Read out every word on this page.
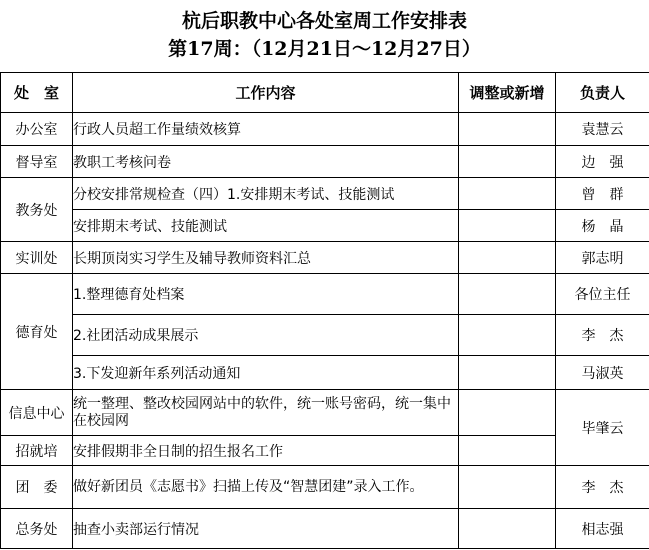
杭后职教中心各处室周工作安排表
第17周：（12月21日～12月27日）
处　室	工作内容	调整或新增	负责人
办公室	行政人员超工作量绩效核算		袁慧云
督导室	教职工考核问卷		边　强
教务处	分校安排常规检查（四）1.安排期末考试、技能测试		曾　群
	安排期末考试、技能测试		杨　晶
实训处	长期顶岗实习学生及辅导教师资料汇总		郭志明
德育处	1.整理德育处档案		各位主任
	2.社团活动成果展示		李　杰
	3.下发迎新年系列活动通知		马淑英
信息中心	统一整理、整改校园网站中的软件，统一账号密码，统一集中在校园网		毕肇云
招就培	安排假期非全日制的招生报名工作		
团　委	做好新团员《志愿书》扫描上传及“智慧团建”录入工作。		李　杰
总务处	抽查小卖部运行情况		相志强
